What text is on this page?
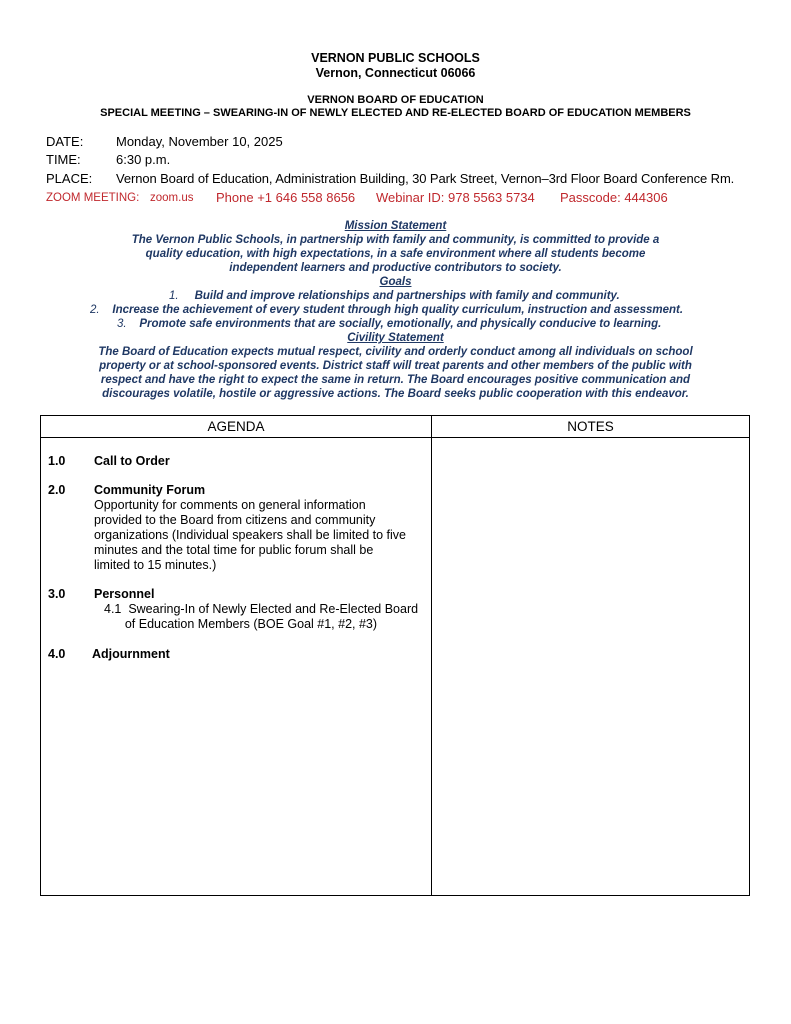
VERNON PUBLIC SCHOOLS
Vernon, Connecticut 06066
VERNON BOARD OF EDUCATION
SPECIAL MEETING – SWEARING-IN OF NEWLY ELECTED AND RE-ELECTED BOARD OF EDUCATION MEMBERS
DATE:	Monday, November 10, 2025
TIME:	6:30 p.m.
PLACE: Vernon Board of Education, Administration Building, 30 Park Street, Vernon–3rd Floor Board Conference Rm.
ZOOM MEETING: zoom.us Phone +1 646 558 8656 Webinar ID: 978 5563 5734 Passcode: 444306
Mission Statement
The Vernon Public Schools, in partnership with family and community, is committed to provide a
quality education, with high expectations, in a safe environment where all students become
independent learners and productive contributors to society.
Goals
1. Build and improve relationships and partnerships with family and community.
2. Increase the achievement of every student through high quality curriculum, instruction and assessment.
3. Promote safe environments that are socially, emotionally, and physically conducive to learning.
Civility Statement
The Board of Education expects mutual respect, civility and orderly conduct among all individuals on school
property or at school-sponsored events. District staff will treat parents and other members of the public with
respect and have the right to expect the same in return. The Board encourages positive communication and
discourages volatile, hostile or aggressive actions. The Board seeks public cooperation with this endeavor.
AGENDA	NOTES
1.0 Call to Order
2.0 Community Forum
Opportunity for comments on general information
provided to the Board from citizens and community
organizations (Individual speakers shall be limited to five
minutes and the total time for public forum shall be
limited to 15 minutes.)
3.0 Personnel
4.1  Swearing-In of Newly Elected and Re-Elected Board
of Education Members (BOE Goal #1, #2, #3)
4.0 Adjournment
